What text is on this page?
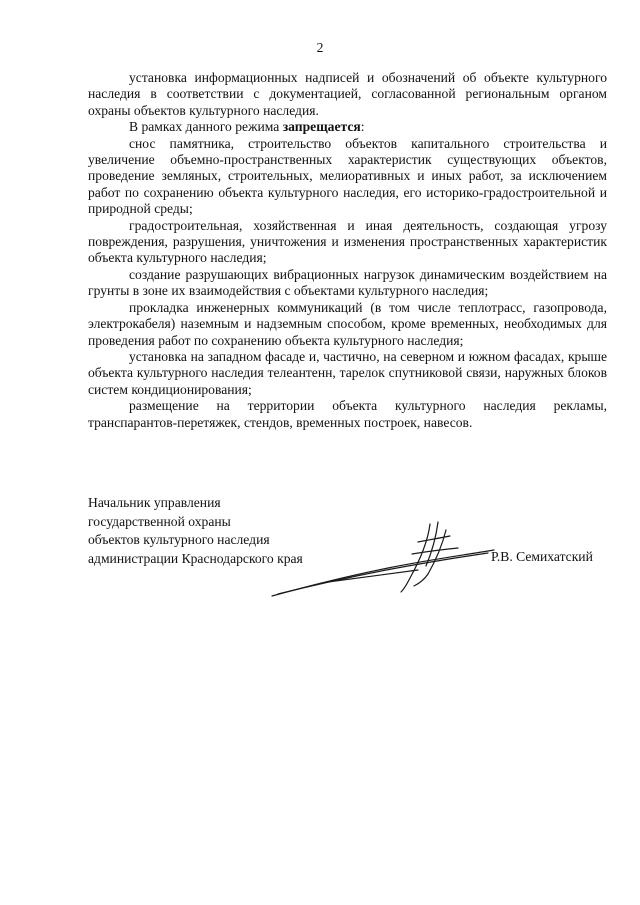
2

установка информационных надписей и обозначений об объекте культурного наследия в соответствии с документацией, согласованной региональным органом охраны объектов культурного наследия.

В рамках данного режима запрещается:

снос памятника, строительство объектов капитального строительства и увеличение объемно-пространственных характеристик существующих объектов, проведение земляных, строительных, мелиоративных и иных работ, за исключением работ по сохранению объекта культурного наследия, его историко-градостроительной и природной среды;

градостроительная, хозяйственная и иная деятельность, создающая угрозу повреждения, разрушения, уничтожения и изменения пространственных характеристик объекта культурного наследия;

создание разрушающих вибрационных нагрузок динамическим воздействием на грунты в зоне их взаимодействия с объектами культурного наследия;

прокладка инженерных коммуникаций (в том числе теплотрасс, газопровода, электрокабеля) наземным и надземным способом, кроме временных, необходимых для проведения работ по сохранению объекта культурного наследия;

установка на западном фасаде и, частично, на северном и южном фасадах, крыше объекта культурного наследия телеантенн, тарелок спутниковой связи, наружных блоков систем кондиционирования;

размещение на территории объекта культурного наследия рекламы, транспарантов-перетяжек, стендов, временных построек, навесов.

Начальник управления
государственной охраны
объектов культурного наследия
администрации Краснодарского края	Р.В. Семихатский
